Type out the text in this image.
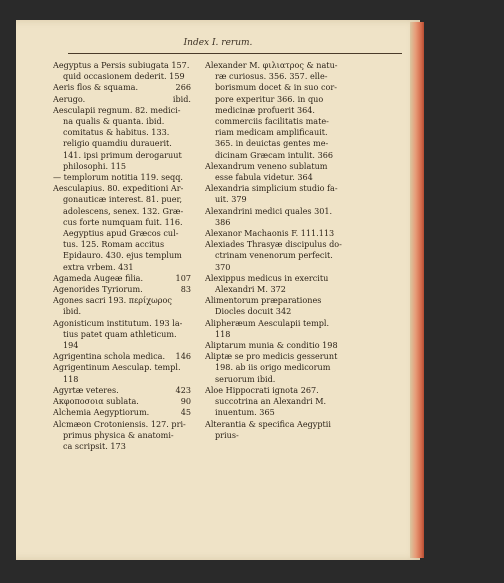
Index I. rerum.
Aegyptus a Persis subiugata 157.
quid occasionem dederit. 159
Aeris flos & squama.	266
Aerugo.	ibid.
Aesculapii regnum. 82. medici-
na qualis & quanta. ibid.
comitatus & habitus. 133.
religio quamdiu durauerit.
141. ipsi primum derogaruut
philosophi. 115
— templorum notitia 119. seqq.
Aesculapius. 80. expeditioni Ar-
gonauticæ interest. 81. puer,
adolescens, senex. 132. Græ-
cus forte numquam fuit. 116.
Aegyptius apud Græcos cul-
tus. 125. Romam accitus
Epidauro. 430. ejus templum
extra vrbem. 431
Agameda Augeæ filia.	107
Agenorides Tyriorum.	83
Agones sacri 193. περίχωρος
ibid.
Agonisticum institutum. 193 la-
tius patet quam athleticum.
194
Agrigentina schola medica.	146
Agrigentinum Aesculap. templ.
118
Agyrtæ veteres.	423
Ακφοποσοια sublata.	90
Alchemia Aegyptiorum.	45
Alcmæon Crotoniensis. 127. pri-
primus physica & anatomi-
ca scripsit. 173
Alexander M. φιλιατρος & natu-
ræ curiosus. 356. 357. elle-
borismum docet & in suo cor-
pore experitur 366. in quo
medicinæ profuerit 364.
commerciis facilitatis mate-
riam medicam amplificauit.
365. in deuictas gentes me-
dicinam Græcam intulit. 366
Alexandrum veneno sublatum
esse fabula videtur. 364
Alexandria simplicium studio fa-
uit. 379
Alexandrini medici quales 301.
386
Alexanor Machaonis F. 111.113
Alexiades Thrasyæ discipulus do-
ctrinam venenorum perfecit.
370
Alexippus medicus in exercitu
Alexandri M. 372
Alimentorum præparationes
Diocles docuit 342
Alipheræum Aesculapii templ.
118
Aliptarum munia & conditio 198
Aliptæ se pro medicis gesserunt
198. ab iis origo medicorum
seruorum ibid.
Aloe Hippocrati ignota 267.
succotrina an Alexandri M.
inuentum. 365
Alterantia & specifica Aegyptii
prius-
